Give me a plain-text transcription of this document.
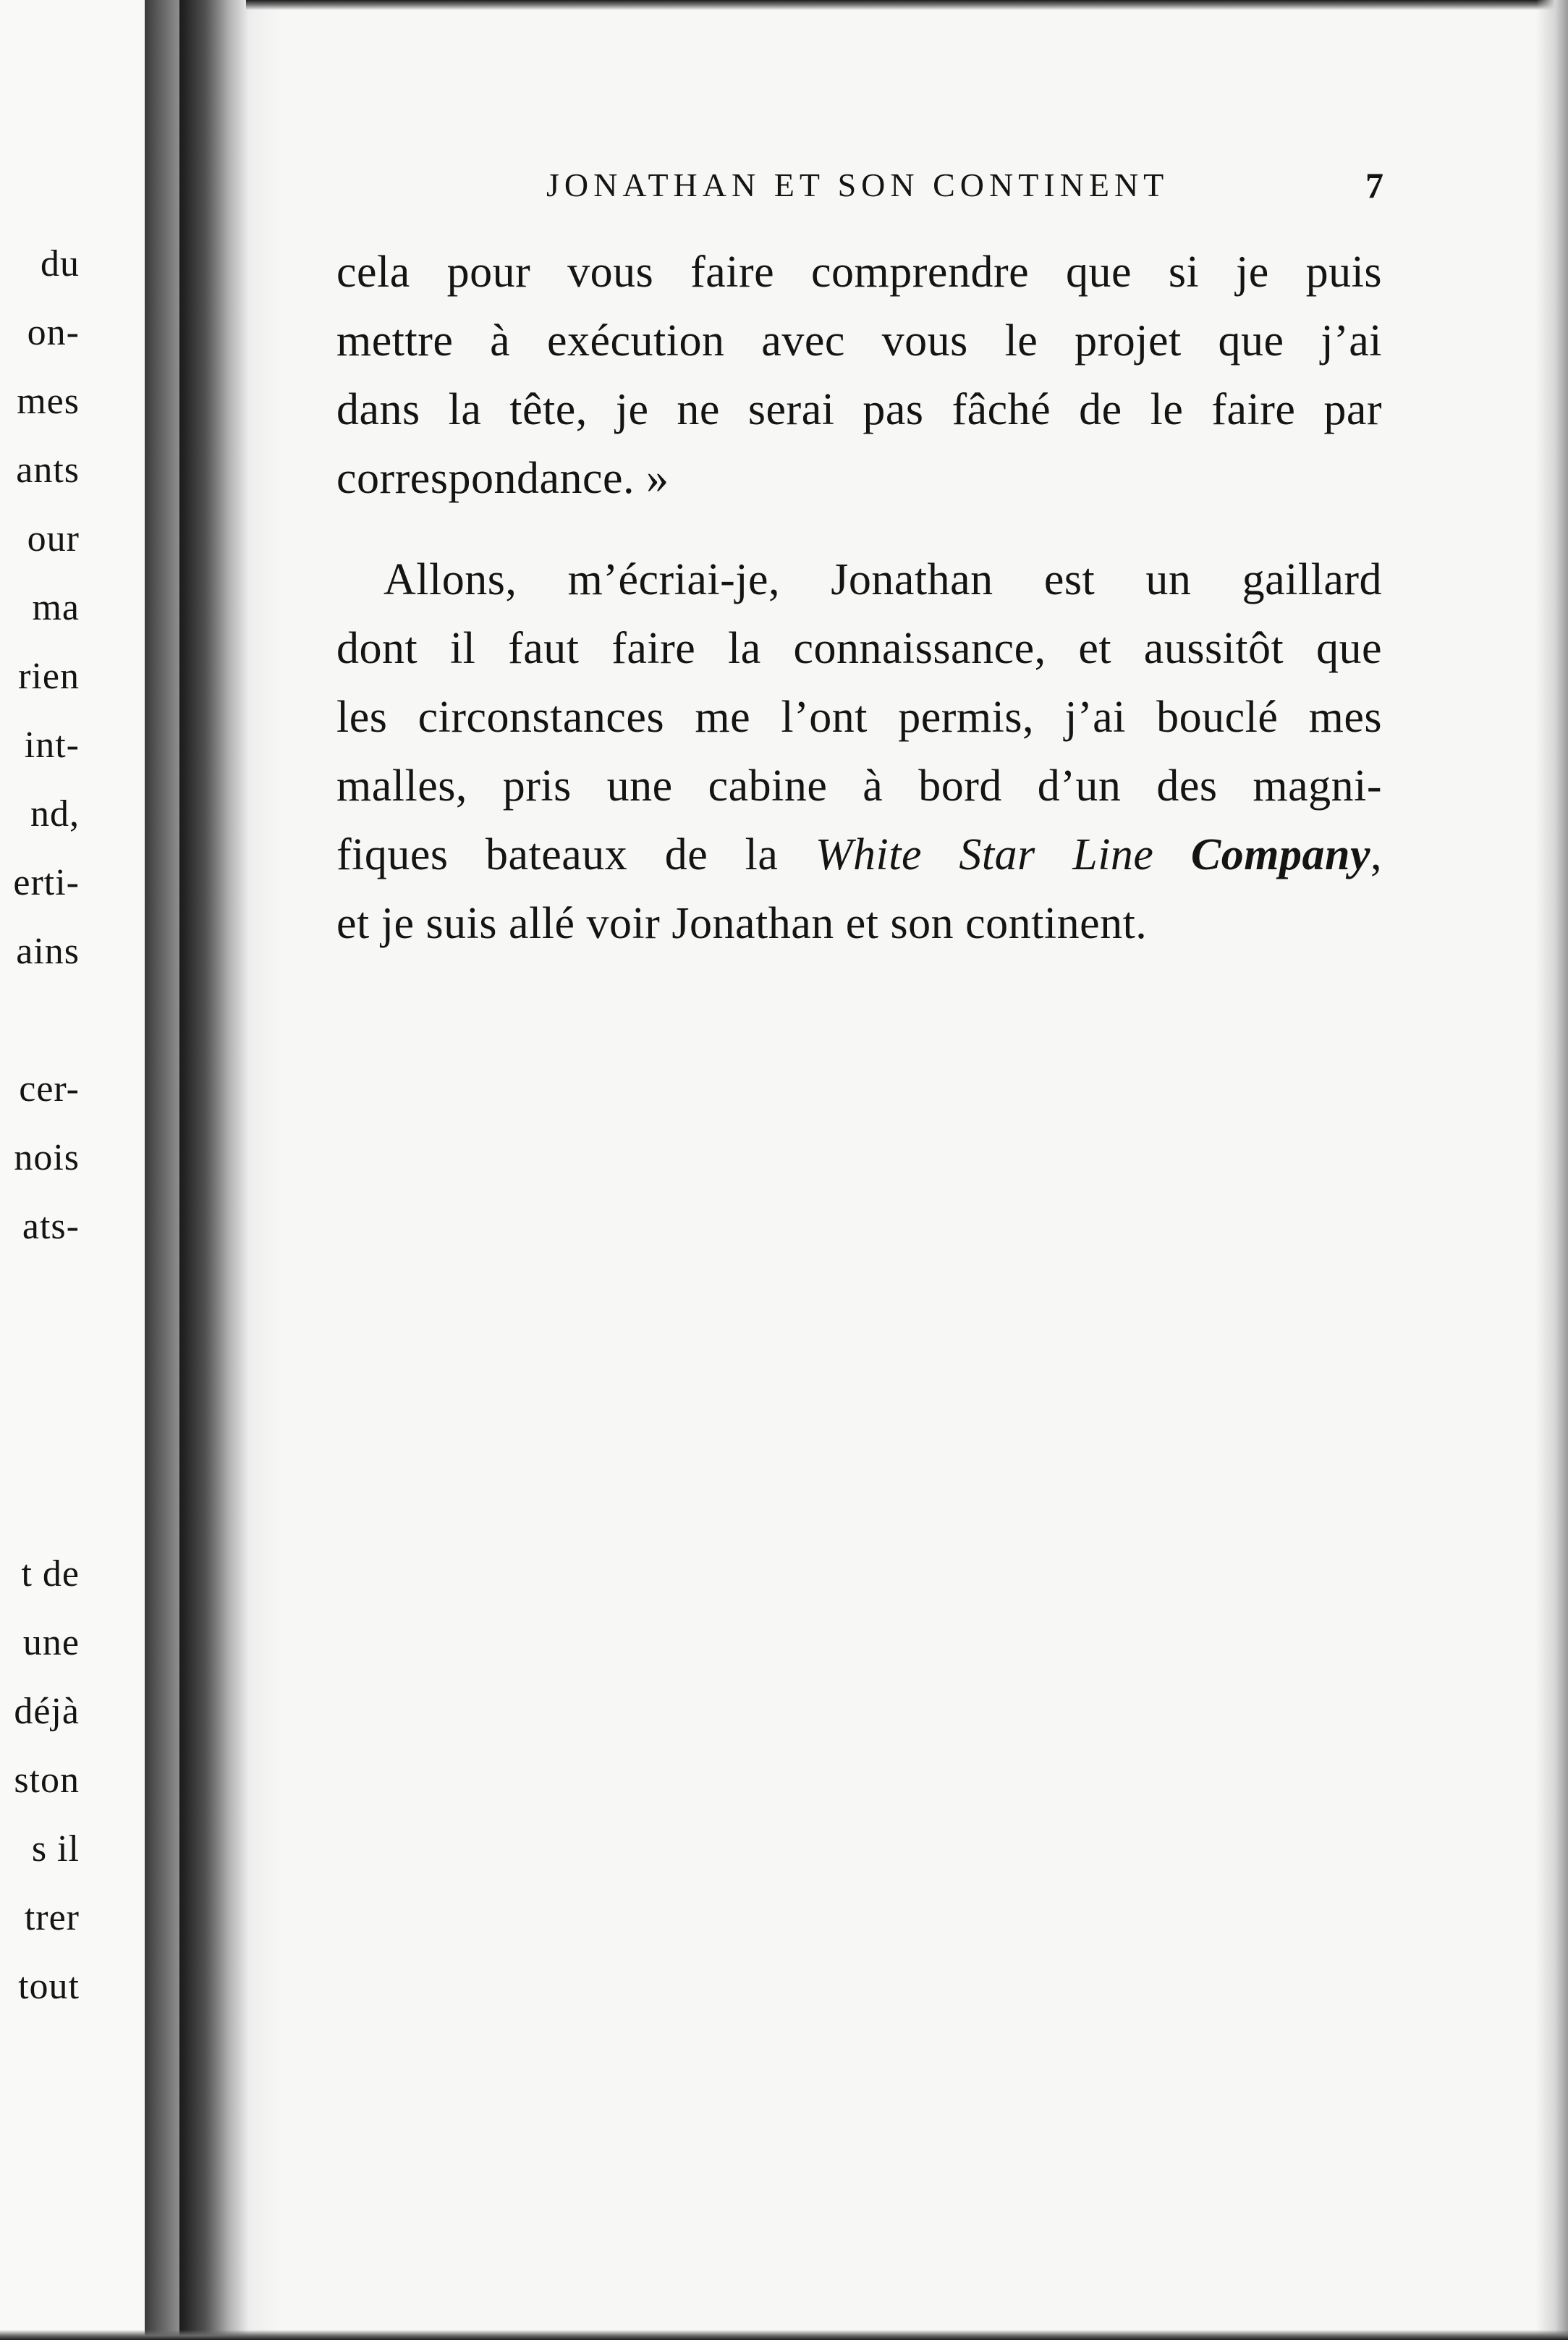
du
on-
mes
ants
our
ma
rien
int-
nd,
erti-
ains
cer-
nois
ats-
t de
une
déjà
ston
s il
trer
tout
JONATHAN ET SON CONTINENT	7
cela pour vous faire comprendre que si je puis
mettre à exécution avec vous le projet que j’ai
dans la tête, je ne serai pas fâché de le faire par
correspondance. »
Allons, m’écriai-je, Jonathan est un gaillard
dont il faut faire la connaissance, et aussitôt que
les circonstances me l’ont permis, j’ai bouclé mes
malles, pris une cabine à bord d’un des magni-
fiques bateaux de la White Star Line Company,
et je suis allé voir Jonathan et son continent.
